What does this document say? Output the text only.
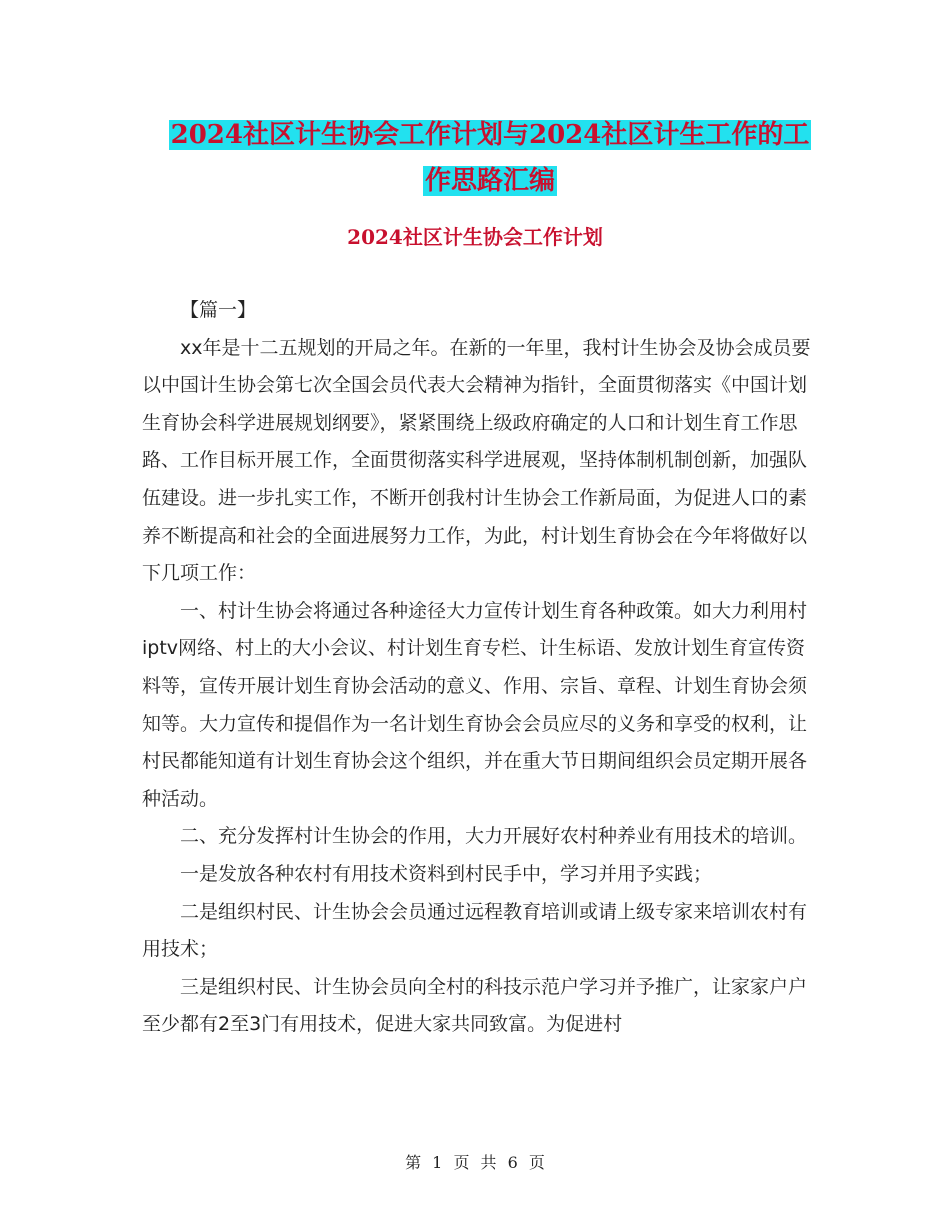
2024社区计生协会工作计划与2024社区计生工作的工
作思路汇编
2024社区计生协会工作计划

【篇一】

xx年是十二五规划的开局之年。在新的一年里，我村计生协会及协会成员要以中国计生协会第七次全国会员代表大会精神为指针，全面贯彻落实《中国计划生育协会科学进展规划纲要》，紧紧围绕上级政府确定的人口和计划生育工作思路、工作目标开展工作，全面贯彻落实科学进展观，坚持体制机制创新，加强队伍建设。进一步扎实工作，不断开创我村计生协会工作新局面，为促进人口的素养不断提高和社会的全面进展努力工作，为此，村计划生育协会在今年将做好以下几项工作：

一、村计生协会将通过各种途径大力宣传计划生育各种政策。如大力利用村iptv网络、村上的大小会议、村计划生育专栏、计生标语、发放计划生育宣传资料等，宣传开展计划生育协会活动的意义、作用、宗旨、章程、计划生育协会须知等。大力宣传和提倡作为一名计划生育协会会员应尽的义务和享受的权利，让村民都能知道有计划生育协会这个组织，并在重大节日期间组织会员定期开展各种活动。

二、充分发挥村计生协会的作用，大力开展好农村种养业有用技术的培训。

一是发放各种农村有用技术资料到村民手中，学习并用予实践；

二是组织村民、计生协会会员通过远程教育培训或请上级专家来培训农村有用技术；

三是组织村民、计生协会员向全村的科技示范户学习并予推广，让家家户户至少都有2至3门有用技术，促进大家共同致富。为促进村

第 1 页 共 6 页
